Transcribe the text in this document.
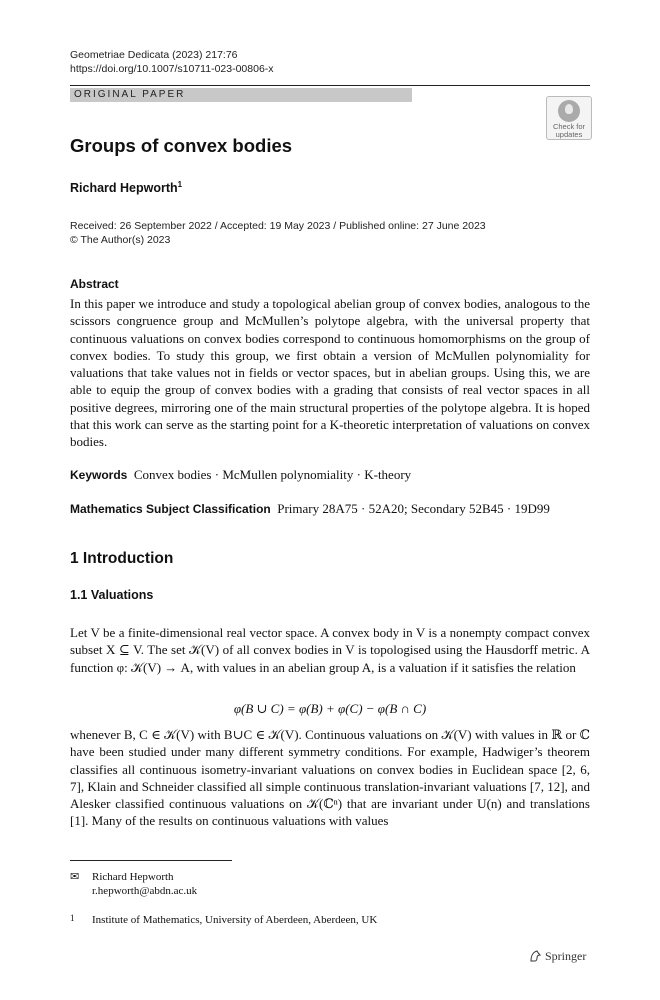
Geometriae Dedicata (2023) 217:76
https://doi.org/10.1007/s10711-023-00806-x
ORIGINAL PAPER
Check for
updates
Groups of convex bodies
Richard Hepworth$^1$
Received: 26 September 2022 / Accepted: 19 May 2023 / Published online: 27 June 2023
© The Author(s) 2023
Abstract
In this paper we introduce and study a topological abelian group of convex bodies, analogous to the scissors congruence group and McMullen’s polytope algebra, with the universal property that continuous valuations on convex bodies correspond to continuous homomorphisms on the group of convex bodies. To study this group, we first obtain a version of McMullen polynomiality for valuations that take values not in fields or vector spaces, but in abelian groups. Using this, we are able to equip the group of convex bodies with a grading that consists of real vector spaces in all positive degrees, mirroring one of the main structural properties of the polytope algebra. It is hoped that this work can serve as the starting point for a K-theoretic interpretation of valuations on convex bodies.
Keywords Convex bodies · McMullen polynomiality · K-theory
Mathematics Subject Classification Primary 28A75 · 52A20; Secondary 52B45 · 19D99
1 Introduction
1.1 Valuations
Let V be a finite-dimensional real vector space. A convex body in V is a nonempty compact convex subset X ⊆ V. The set 𝒦(V) of all convex bodies in V is topologised using the Hausdorff metric. A function φ: 𝒦(V) → A, with values in an abelian group A, is a valuation if it satisfies the relation
φ(B ∪ C) = φ(B) + φ(C) − φ(B ∩ C)
whenever B, C ∈ 𝒦(V) with B∪C ∈ 𝒦(V). Continuous valuations on 𝒦(V) with values in ℝ or ℂ have been studied under many different symmetry conditions. For example, Hadwiger’s theorem classifies all continuous isometry-invariant valuations on convex bodies in Euclidean space [2, 6, 7], Klain and Schneider classified all simple continuous translation-invariant valuations [7, 12], and Alesker classified continuous valuations on 𝒦(ℂⁿ) that are invariant under U(n) and translations [1]. Many of the results on continuous valuations with values
✉ Richard Hepworth
r.hepworth@abdn.ac.uk
1 Institute of Mathematics, University of Aberdeen, Aberdeen, UK
Springer
